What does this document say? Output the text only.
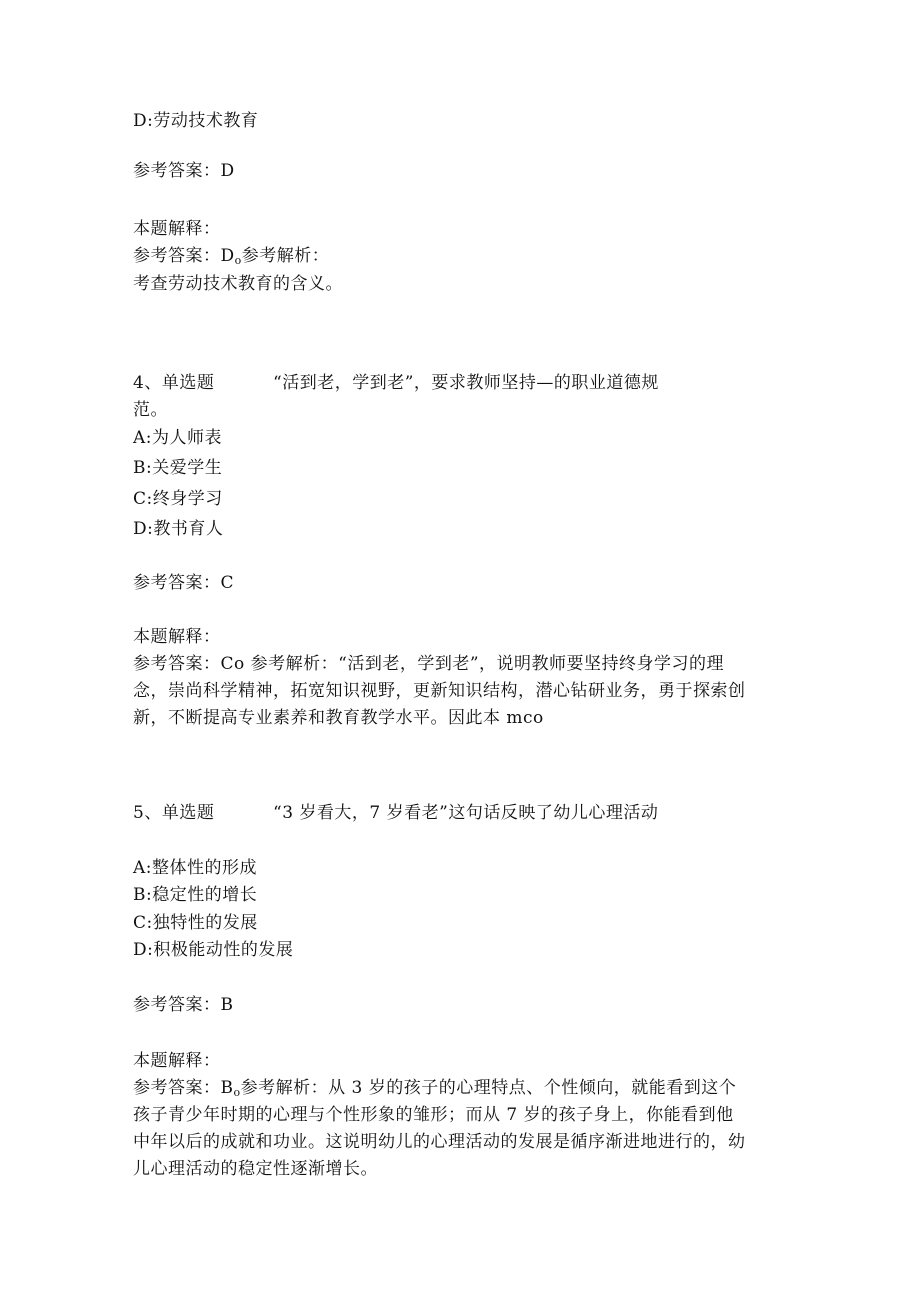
D:劳动技术教育
参考答案：D
本题解释：
参考答案：$D_o$参考解析：
考查劳动技术教育的含义。
4、单选题	“活到老，学到老”，要求教师坚持—的职业道德规
范。
A:为人师表
B:关爱学生
C:终身学习
D:教书育人
参考答案：C
本题解释：
参考答案：Co 参考解析：“活到老，学到老”，说明教师要坚持终身学习的理
念，崇尚科学精神，拓宽知识视野，更新知识结构，潜心钻研业务，勇于探索创
新，不断提高专业素养和教育教学水平。因此本 mco
5、单选题	“3 岁看大，7 岁看老”这句话反映了幼儿心理活动
A:整体性的形成
B:稳定性的增长
C:独特性的发展
D:积极能动性的发展
参考答案：B
本题解释：
参考答案：$B_o$参考解析：从 3 岁的孩子的心理特点、个性倾向，就能看到这个
孩子青少年时期的心理与个性形象的雏形；而从 7 岁的孩子身上，你能看到他
中年以后的成就和功业。这说明幼儿的心理活动的发展是循序渐进地进行的，幼
儿心理活动的稳定性逐渐增长。
